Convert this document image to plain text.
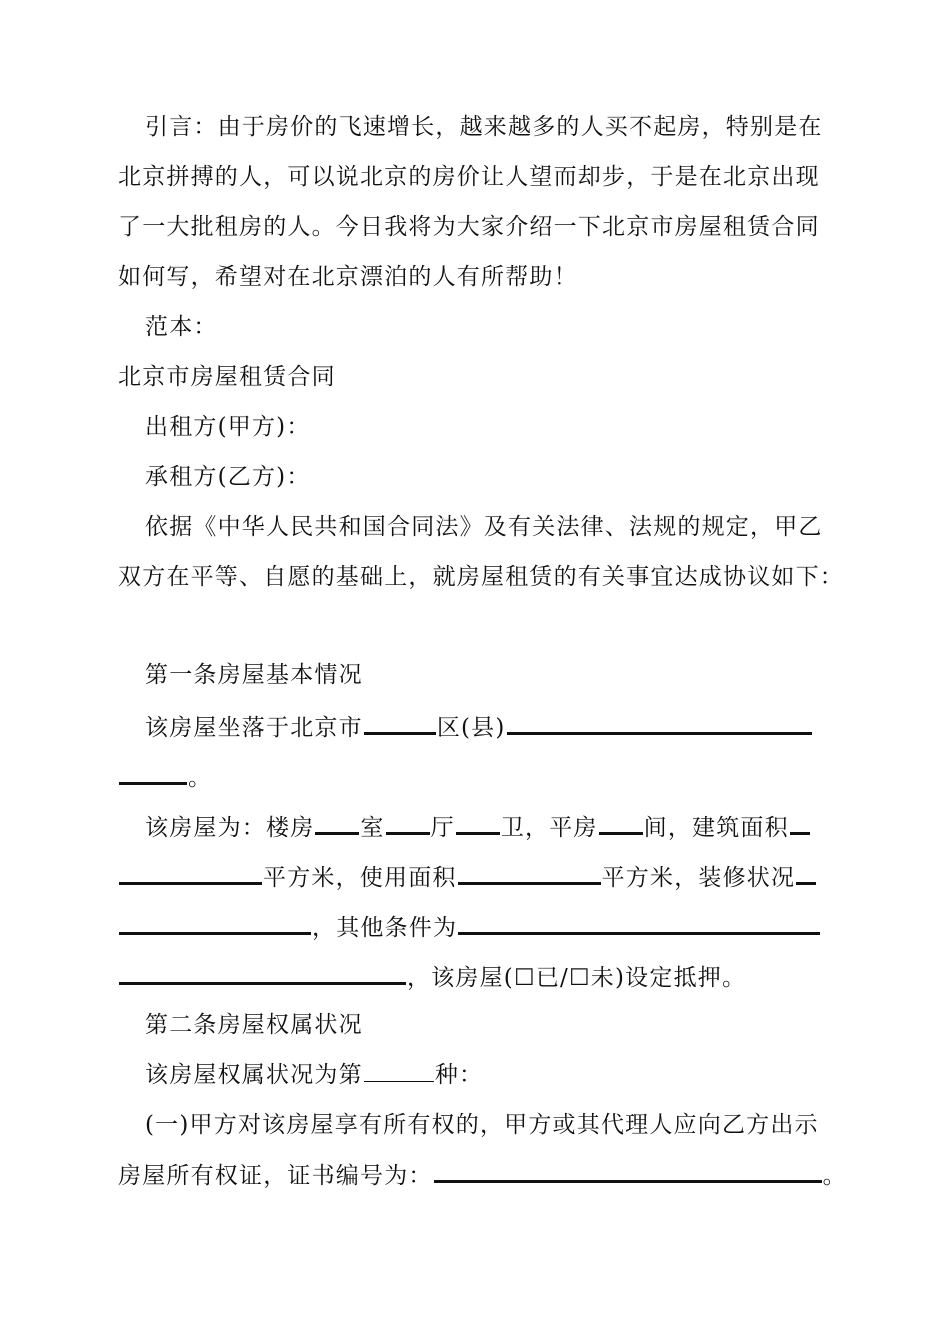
引言：由于房价的飞速增长，越来越多的人买不起房，特别是在
北京拼搏的人，可以说北京的房价让人望而却步，于是在北京出现
了一大批租房的人。今日我将为大家介绍一下北京市房屋租赁合同
如何写，希望对在北京漂泊的人有所帮助！
范本：
北京市房屋租赁合同
出租方(甲方)：
承租方(乙方)：
依据《中华人民共和国合同法》及有关法律、法规的规定，甲乙
双方在平等、自愿的基础上，就房屋租赁的有关事宜达成协议如下：
第一条房屋基本情况
该房屋坐落于北京市	区(县)
。
该房屋为：楼房 室 厅 卫，平房 间，建筑面积
平方米，使用面积	平方米，装修状况
，其他条件为
，该房屋(☐已/☐未)设定抵押。
第二条房屋权属状况
该房屋权属状况为第	种：
(一)甲方对该房屋享有所有权的，甲方或其代理人应向乙方出示
房屋所有权证，证书编号为：	。
